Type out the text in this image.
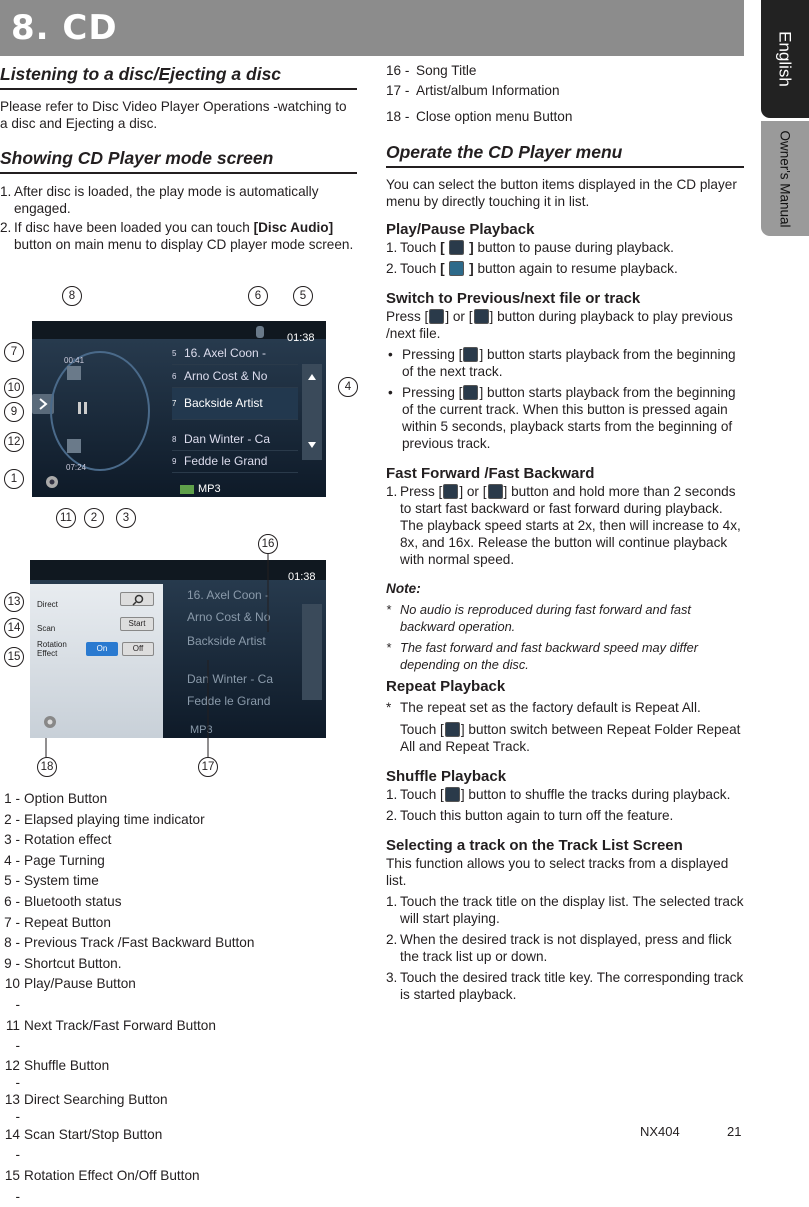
8. CD
English
Owner's Manual
Listening to a disc/Ejecting a disc

Please refer to Disc Video Player Operations -watching to a disc and Ejecting a disc.

Showing CD Player mode screen
1. After disc is loaded, the play mode is automatically engaged.
2. If disc have been loaded you can touch [Disc Audio] button on main menu to display CD player mode screen.
01:38
00:41
07:24
5 16. Axel Coon -
6 Arno Cost & No
7 Backside Artist
8 Dan Winter - Ca
9 Fedde le Grand
MP3
8	6	5
7
10
9
12
1
4
11	2	3
01:38
Direct
Scan
Start
Rotation
Effect
On	Off
16. Axel Coon -
Arno Cost & No
Backside Artist
Dan Winter - Ca
Fedde le Grand
MP3
16
13
14
15
18	17
1 - Option Button
2 - Elapsed playing time indicator
3 - Rotation effect
4 - Page Turning
5 - System time
6 - Bluetooth status
7 - Repeat Button
8 - Previous Track /Fast Backward Button
9 - Shortcut Button.
10 -
Play/Pause Button
11 -
Next Track/Fast Forward Button
12 -
Shuffle Button
13 -
Direct Searching Button
14 -
Scan Start/Stop Button
15 -
Rotation Effect On/Off Button
16 - Song Title
17 - Artist/album Information
18 - Close option menu Button
Operate the CD Player menu

You can select the button items displayed in the CD player menu by directly touching it in list.

Play/Pause Playback
1. Touch [ ] button to pause during playback.
2. Touch [ ] button again to resume playback.
Switch to Previous/next file or track

Press [ ] or [ ] button during playback to play previous /next file.

• Pressing [ ] button starts playback from the beginning of the next track.
• Pressing [ ] button starts playback from the beginning of the current track. When this button is pressed again within 5 seconds, playback starts from the beginning of previous track.
Fast Forward /Fast Backward
1. Press [ ] or [ ] button and hold more than 2 seconds to start fast backward or fast forward during playback. The playback speed starts at 2x, then will increase to 4x, 8x, and 16x. Release the button will continue playback with normal speed.
Note:
* No audio is reproduced during fast forward and fast backward operation.
* The fast forward and fast backward speed may differ depending on the disc.
Repeat Playback
* The repeat set as the factory default is Repeat All.
Touch [ ] button switch between Repeat Folder Repeat All and Repeat Track.
Shuffle Playback
1. Touch [ ] button to shuffle the tracks during playback.
2. Touch this button again to turn off the feature.
Selecting a track on the Track List Screen

This function allows you to select tracks from a displayed list.

1. Touch the track title on the display list. The selected track will start playing.
2. When the desired track is not displayed, press and flick the track list up or down.
3. Touch the desired track title key. The corresponding track is started playback.
NX404	21
